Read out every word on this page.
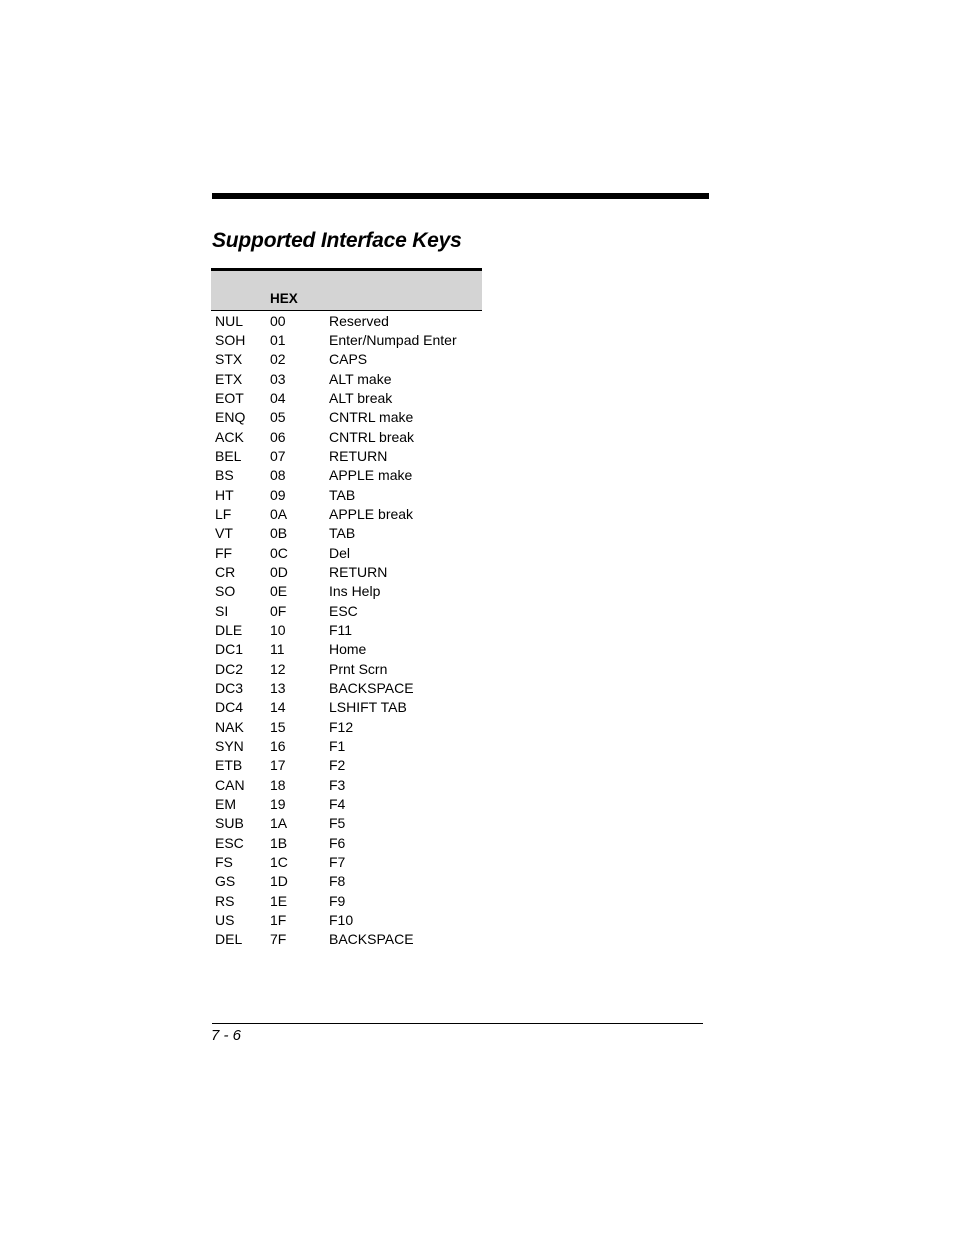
Supported Interface Keys
HEX
NUL	00	Reserved
SOH	01	Enter/Numpad Enter
STX	02	CAPS
ETX	03	ALT make
EOT	04	ALT break
ENQ	05	CNTRL make
ACK	06	CNTRL break
BEL	07	RETURN
BS	08	APPLE make
HT	09	TAB
LF	0A	APPLE break
VT	0B	TAB
FF	0C	Del
CR	0D	RETURN
SO	0E	Ins Help
SI	0F	ESC
DLE	10	F11
DC1	11	Home
DC2	12	Prnt Scrn
DC3	13	BACKSPACE
DC4	14	LSHIFT TAB
NAK	15	F12
SYN	16	F1
ETB	17	F2
CAN	18	F3
EM	19	F4
SUB	1A	F5
ESC	1B	F6
FS	1C	F7
GS	1D	F8
RS	1E	F9
US	1F	F10
DEL	7F	BACKSPACE
7 - 6
